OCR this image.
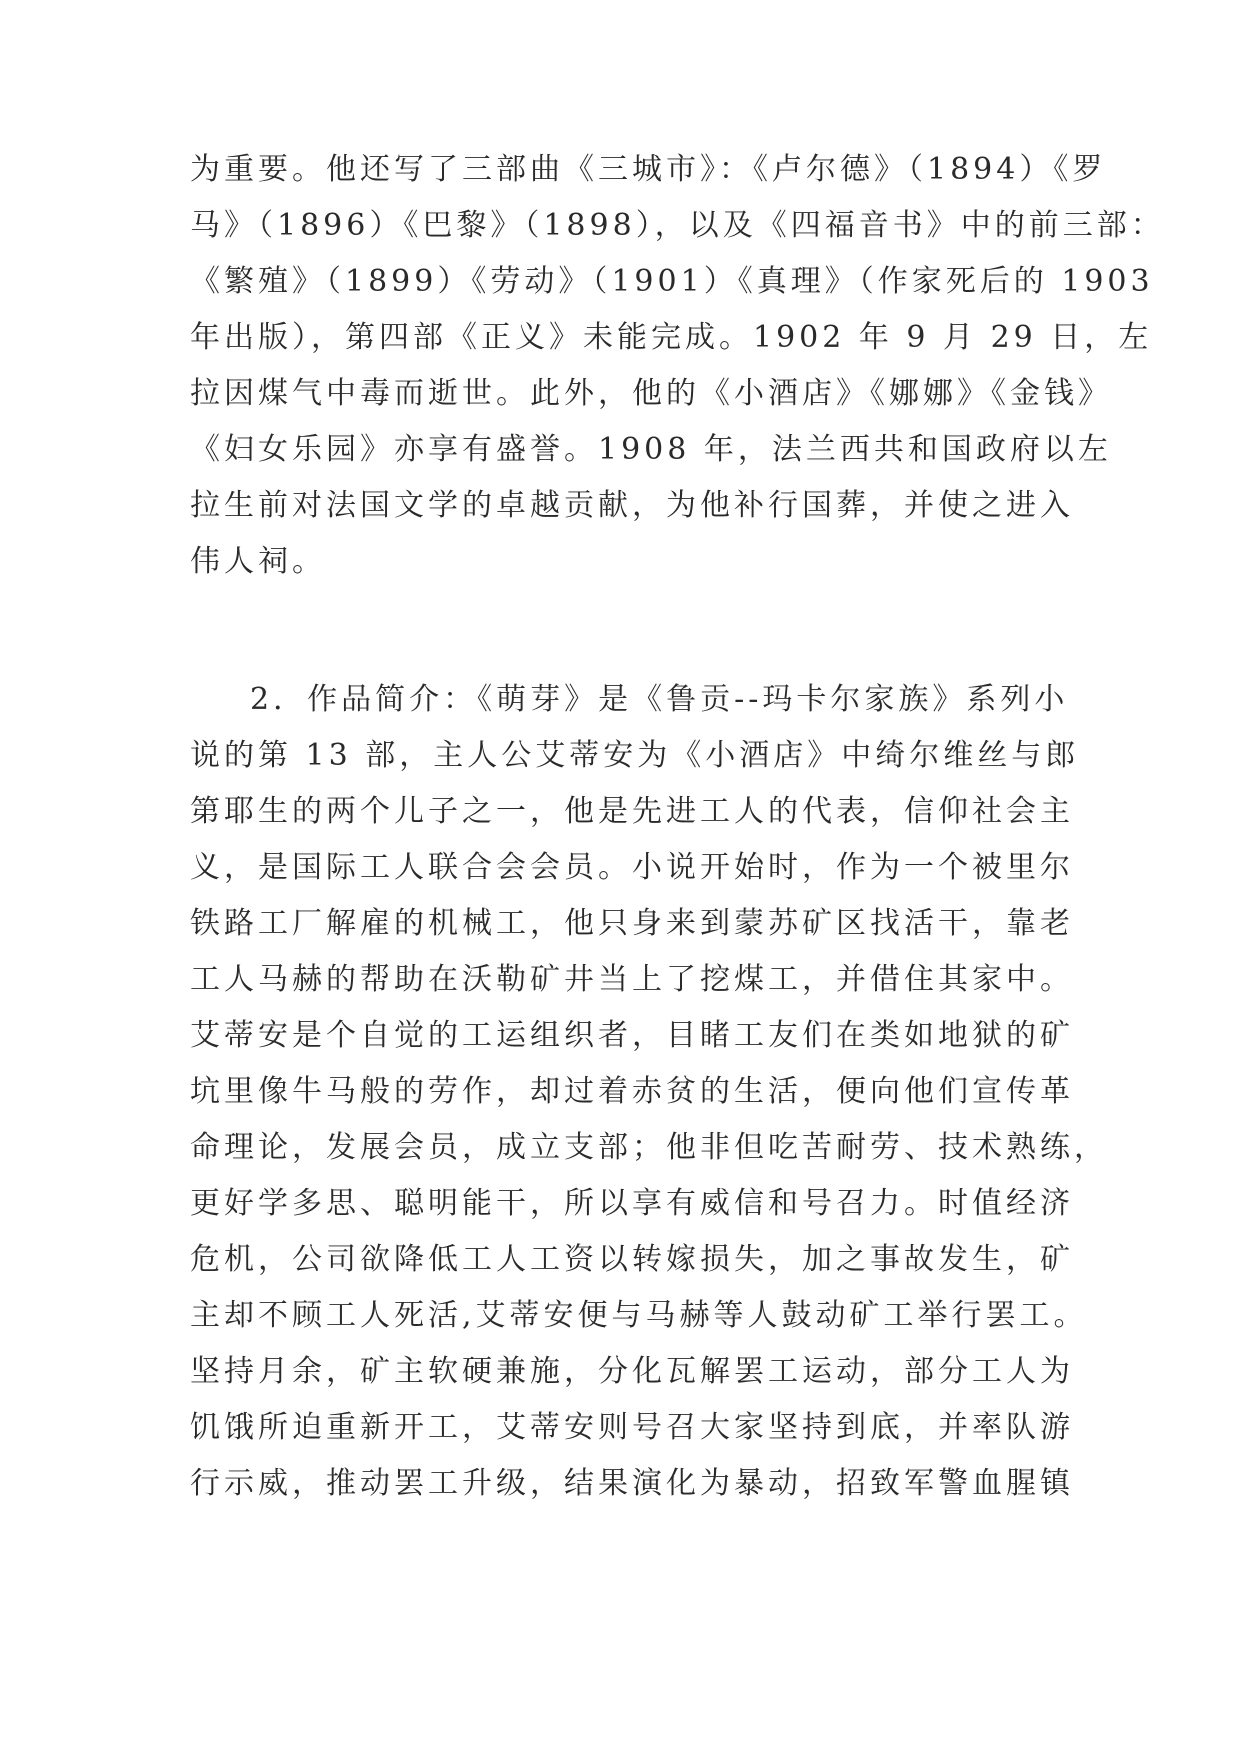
为重要。他还写了三部曲《三城市》：《卢尔德》（1894）《罗
马》（1896）《巴黎》（1898），以及《四福音书》中的前三部：
《繁殖》（1899）《劳动》（1901）《真理》（作家死后的 1903
年出版），第四部《正义》未能完成。1902 年 9 月 29 日，左
拉因煤气中毒而逝世。此外，他的《小酒店》《娜娜》《金钱》
《妇女乐园》亦享有盛誉。1908 年，法兰西共和国政府以左
拉生前对法国文学的卓越贡献，为他补行国葬，并使之进入
伟人祠。
2．作品简介：《萌芽》是《鲁贡--玛卡尔家族》系列小
说的第 13 部，主人公艾蒂安为《小酒店》中绮尔维丝与郎
第耶生的两个儿子之一，他是先进工人的代表，信仰社会主
义，是国际工人联合会会员。小说开始时，作为一个被里尔
铁路工厂解雇的机械工，他只身来到蒙苏矿区找活干，靠老
工人马赫的帮助在沃勒矿井当上了挖煤工，并借住其家中。
艾蒂安是个自觉的工运组织者，目睹工友们在类如地狱的矿
坑里像牛马般的劳作，却过着赤贫的生活，便向他们宣传革
命理论，发展会员，成立支部；他非但吃苦耐劳、技术熟练，
更好学多思、聪明能干，所以享有威信和号召力。时值经济
危机，公司欲降低工人工资以转嫁损失，加之事故发生，矿
主却不顾工人死活,艾蒂安便与马赫等人鼓动矿工举行罢工。
坚持月余，矿主软硬兼施，分化瓦解罢工运动，部分工人为
饥饿所迫重新开工，艾蒂安则号召大家坚持到底，并率队游
行示威，推动罢工升级，结果演化为暴动，招致军警血腥镇
